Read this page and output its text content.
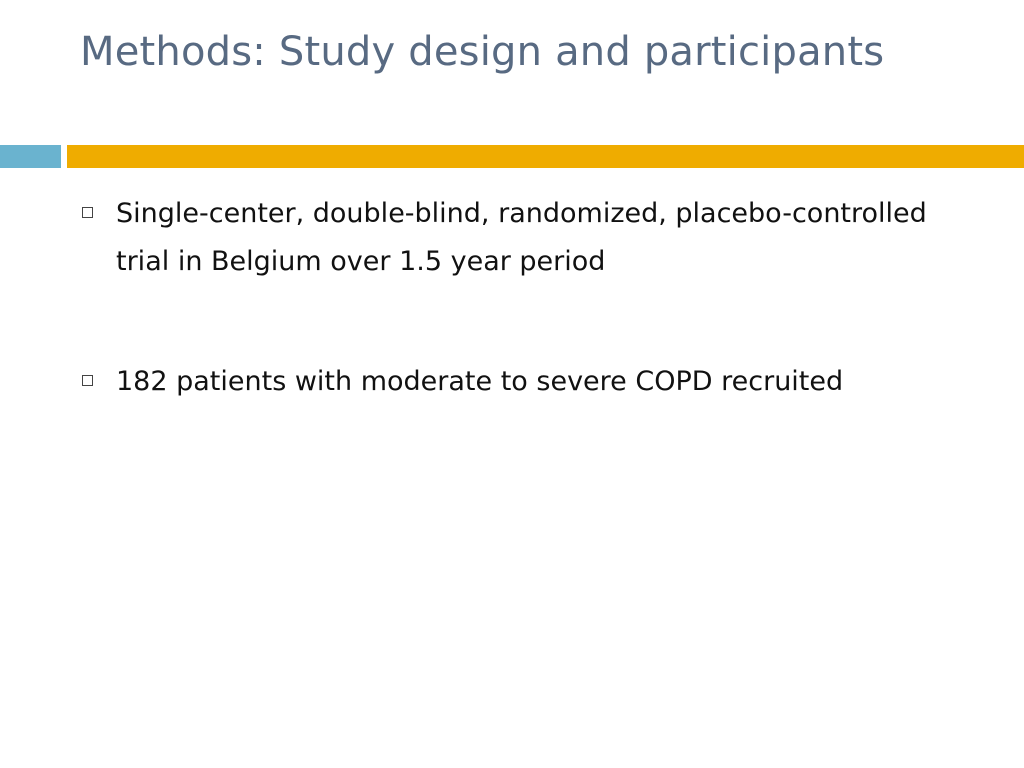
Methods: Study design and participants
Single-center, double-blind, randomized, placebo-controlled trial in Belgium over 1.5 year period
182 patients with moderate to severe COPD recruited
